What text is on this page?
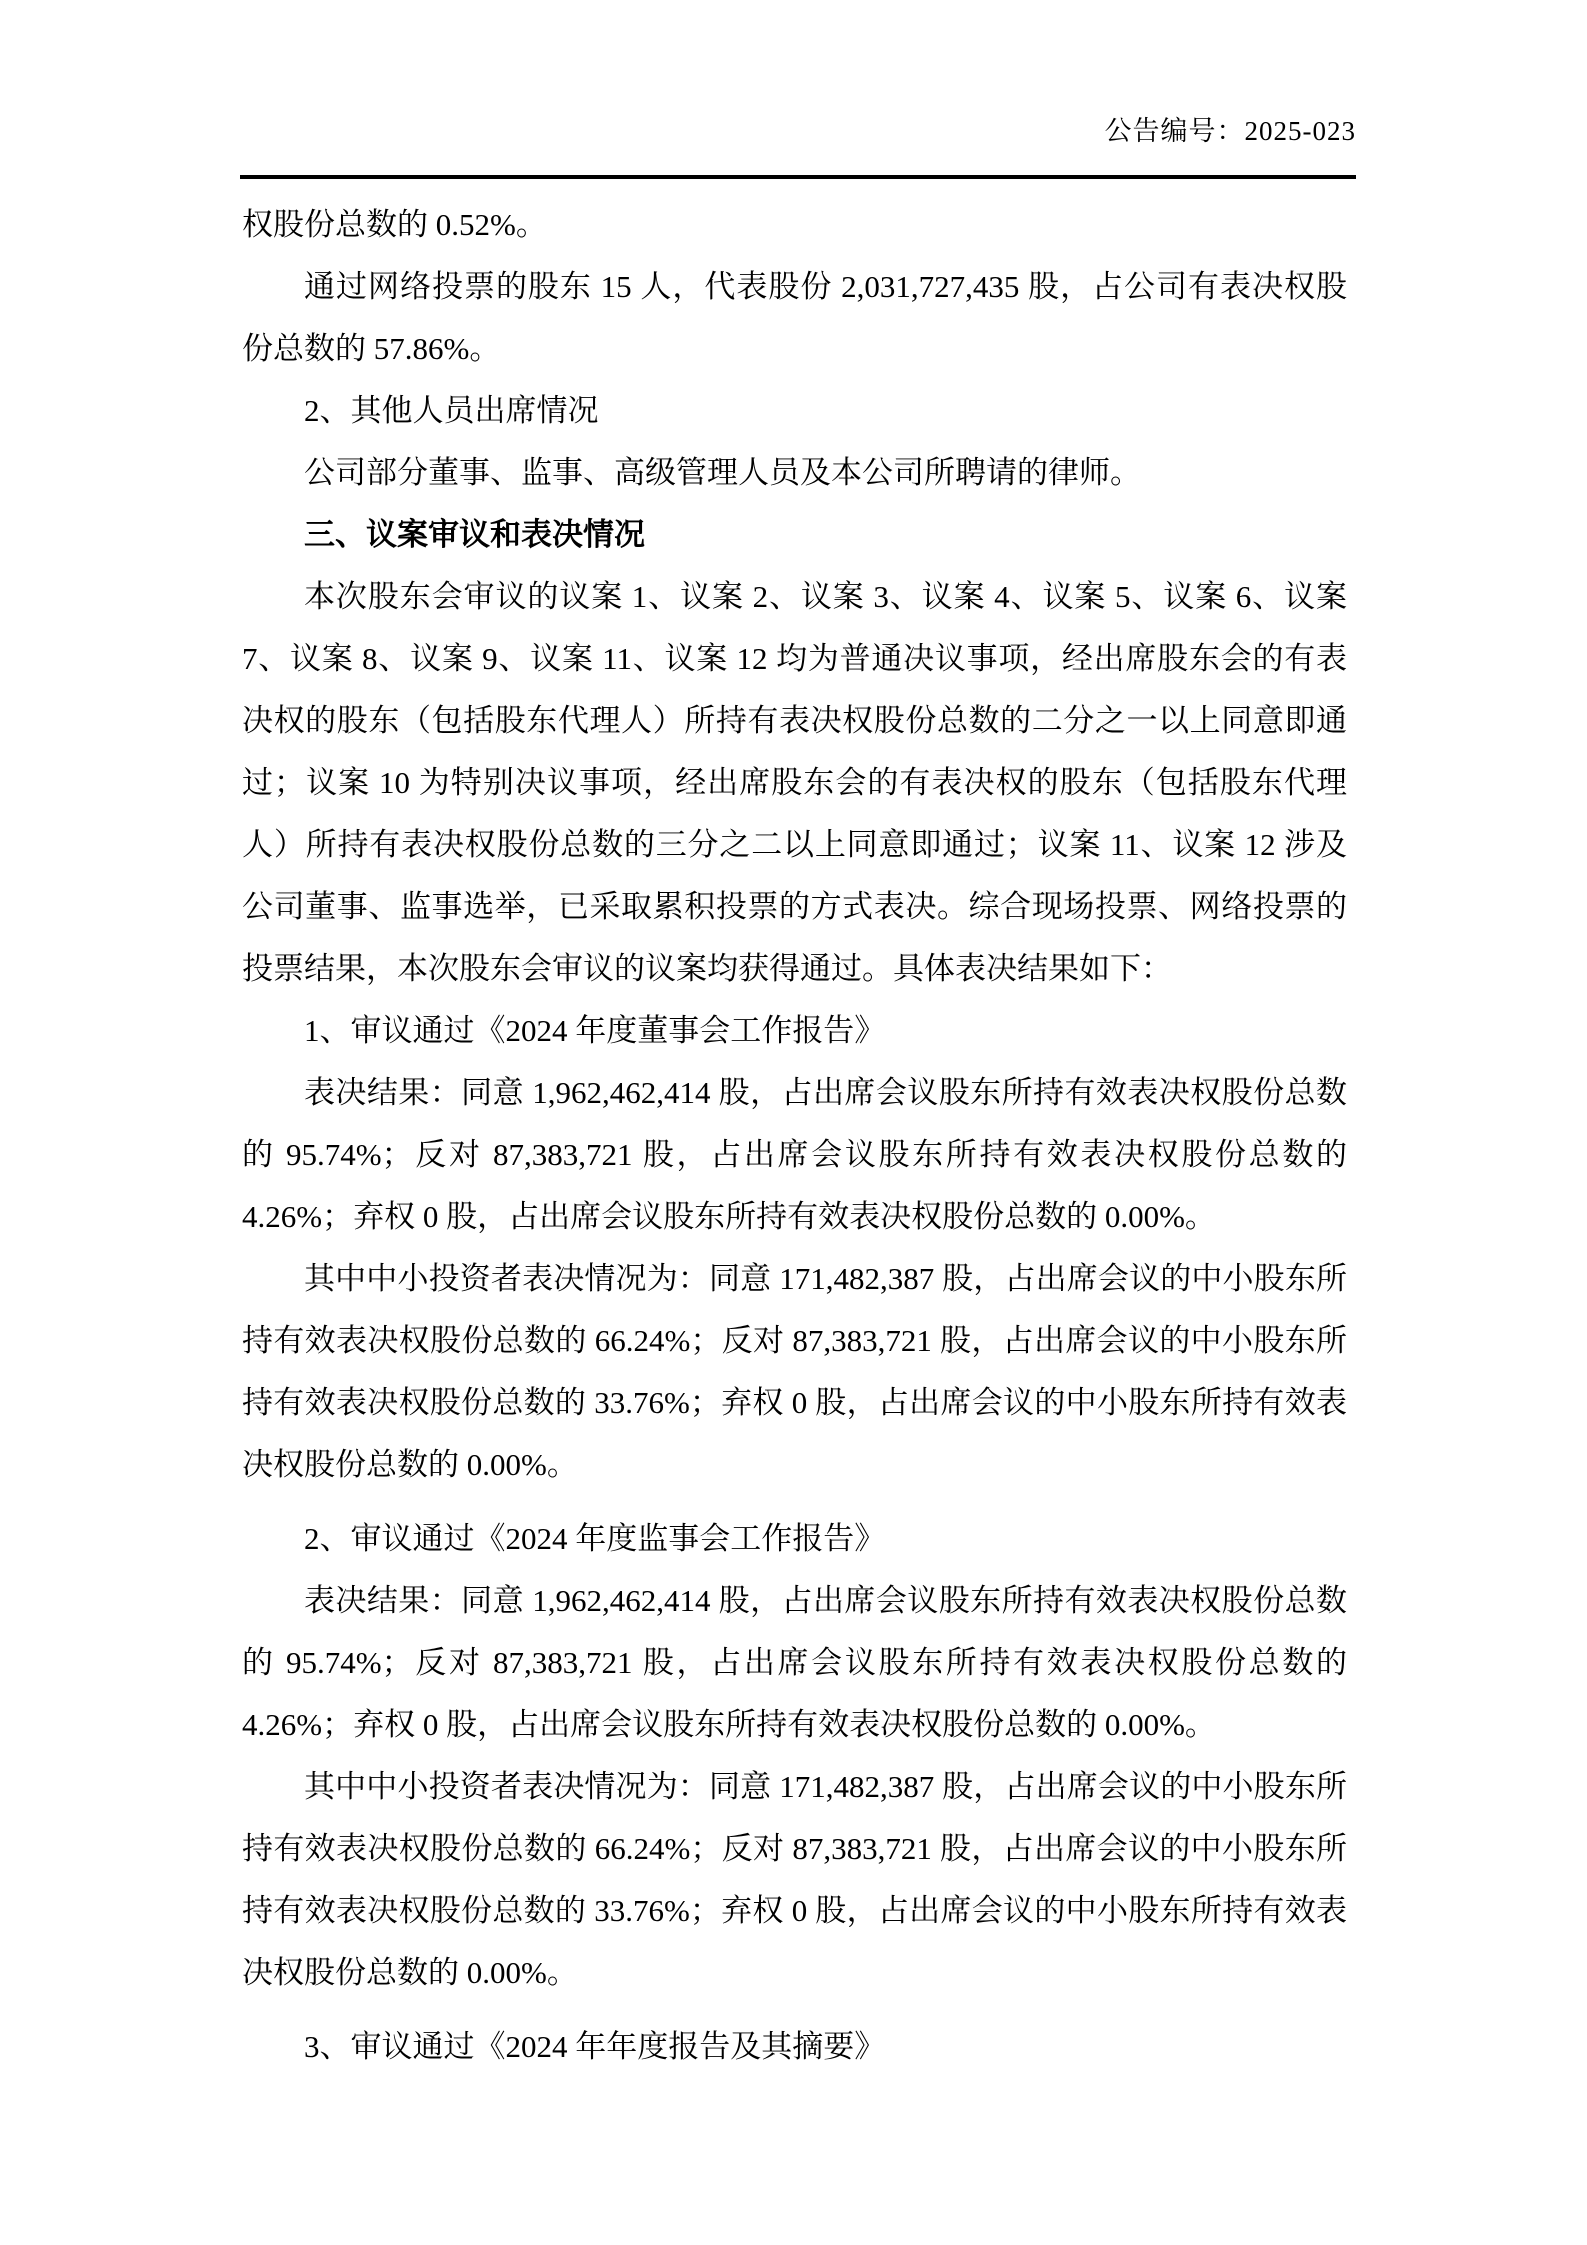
公告编号：2025-023

权股份总数的 0.52%。

通过网络投票的股东 15 人，代表股份 2,031,727,435 股，占公司有表决权股份总数的 57.86%。

2、其他人员出席情况

公司部分董事、监事、高级管理人员及本公司所聘请的律师。

三、议案审议和表决情况

本次股东会审议的议案 1、议案 2、议案 3、议案 4、议案 5、议案 6、议案 7、议案 8、议案 9、议案 11、议案 12 均为普通决议事项，经出席股东会的有表决权的股东（包括股东代理人）所持有表决权股份总数的二分之一以上同意即通过；议案 10 为特别决议事项，经出席股东会的有表决权的股东（包括股东代理人）所持有表决权股份总数的三分之二以上同意即通过；议案 11、议案 12 涉及公司董事、监事选举，已采取累积投票的方式表决。综合现场投票、网络投票的投票结果，本次股东会审议的议案均获得通过。具体表决结果如下：

1、审议通过《2024 年度董事会工作报告》

表决结果：同意 1,962,462,414 股，占出席会议股东所持有效表决权股份总数的 95.74%；反对 87,383,721 股，占出席会议股东所持有效表决权股份总数的 4.26%；弃权 0 股，占出席会议股东所持有效表决权股份总数的 0.00%。

其中中小投资者表决情况为：同意 171,482,387 股，占出席会议的中小股东所持有效表决权股份总数的 66.24%；反对 87,383,721 股，占出席会议的中小股东所持有效表决权股份总数的 33.76%；弃权 0 股，占出席会议的中小股东所持有效表决权股份总数的 0.00%。

2、审议通过《2024 年度监事会工作报告》

表决结果：同意 1,962,462,414 股，占出席会议股东所持有效表决权股份总数的 95.74%；反对 87,383,721 股，占出席会议股东所持有效表决权股份总数的 4.26%；弃权 0 股，占出席会议股东所持有效表决权股份总数的 0.00%。

其中中小投资者表决情况为：同意 171,482,387 股，占出席会议的中小股东所持有效表决权股份总数的 66.24%；反对 87,383,721 股，占出席会议的中小股东所持有效表决权股份总数的 33.76%；弃权 0 股，占出席会议的中小股东所持有效表决权股份总数的 0.00%。

3、审议通过《2024 年年度报告及其摘要》
